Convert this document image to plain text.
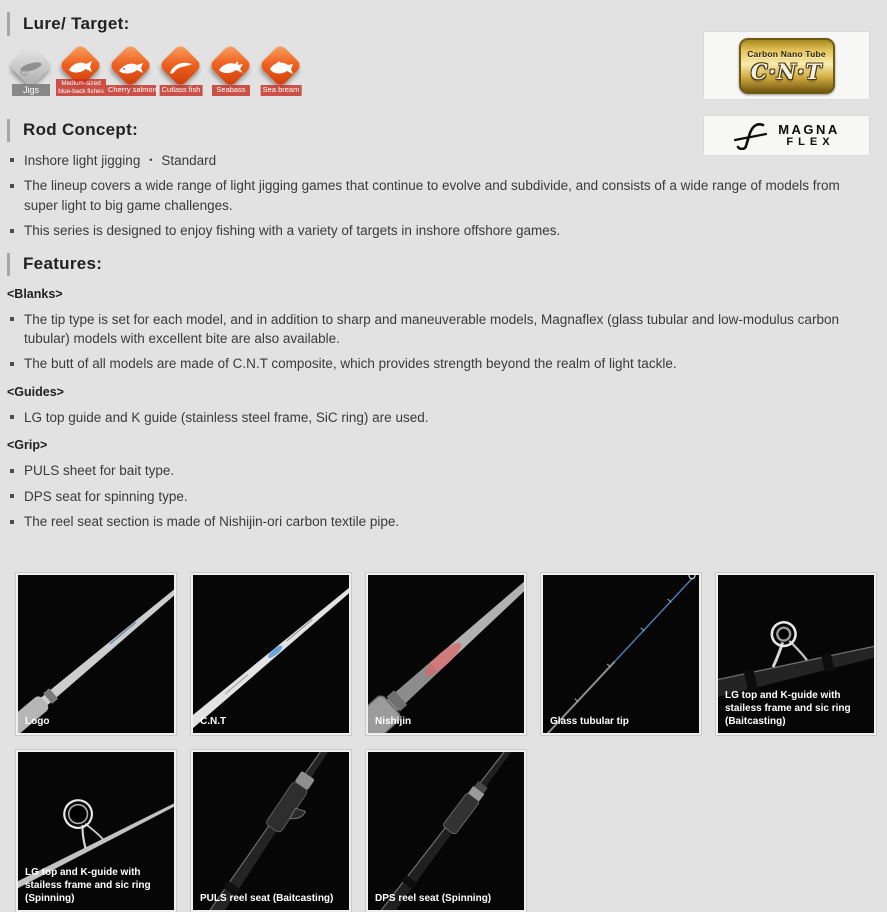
Lure/ Target:
Jigs
Medium-sized blue-back fishes Cherry salmon Cutlass fish	Seabass	Sea bream
Carbon Nano Tube
C·N·T
MAGNA
FLEX
Rod Concept:
Inshore light jigging ・ Standard
The lineup covers a wide range of light jigging games that continue to evolve and subdivide, and consists of a wide range of models from super light to big game challenges.
This series is designed to enjoy fishing with a variety of targets in inshore offshore games.
Features:
<Blanks>
The tip type is set for each model, and in addition to sharp and maneuverable models, Magnaflex (glass tubular and low-modulus carbon tubular) models with excellent bite are also available.
The butt of all models are made of C.N.T composite, which provides strength beyond the realm of light tackle.
<Guides>
LG top guide and K guide (stainless steel frame, SiC ring) are used.
<Grip>
PULS sheet for bait type.
DPS seat for spinning type.
The reel seat section is made of Nishijin-ori carbon textile pipe.
Logo	C.N.T	Nishijin	Glass tubular tip
LG top and K-guide with stailess frame and sic ring (Baitcasting)
LG top and K-guide with stailess frame and sic ring (Spinning)	PULS reel seat (Baitcasting)	DPS reel seat (Spinning)
